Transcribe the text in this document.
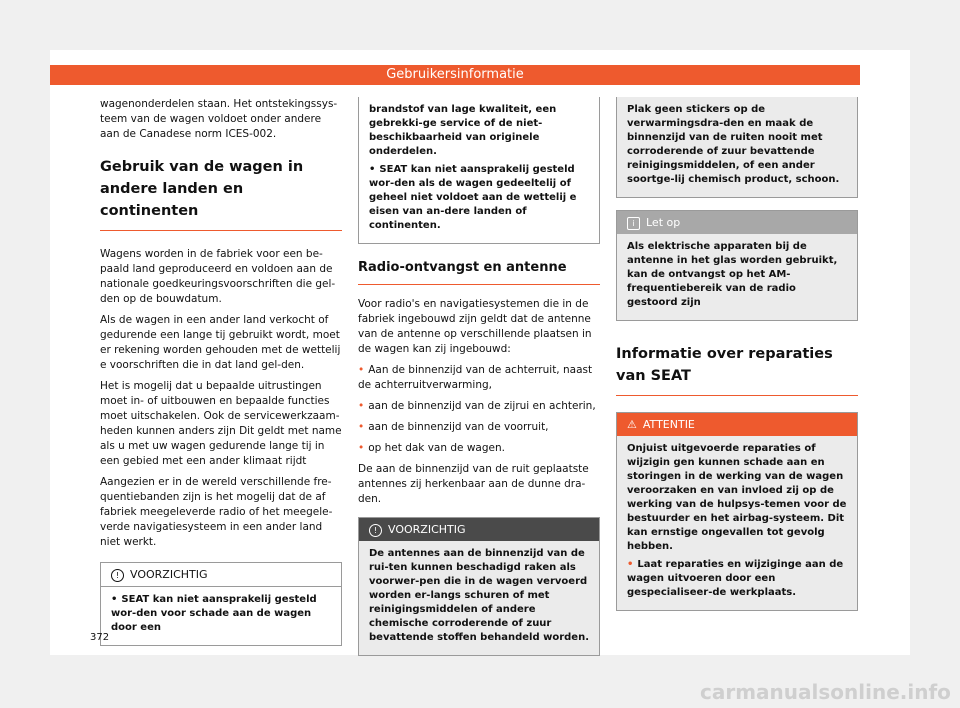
Gebruikersinformatie

wagenonderdelen staan. Het ontstekingssys-teem van de wagen voldoet onder andere aan de Canadese norm ICES-002.

Gebruik van de wagen in andere landen en continenten

Wagens worden in de fabriek voor een be-paald land geproduceerd en voldoen aan de nationale goedkeuringsvoorschriften die gel-den op de bouwdatum.

Als de wagen in een ander land verkocht of gedurende een lange tij gebruikt wordt, moet er rekening worden gehouden met de wettelij e voorschriften die in dat land gel-den.

Het is mogelij dat u bepaalde uitrustingen moet in- of uitbouwen en bepaalde functies moet uitschakelen. Ook de servicewerkzaam-heden kunnen anders zijn Dit geldt met name als u met uw wagen gedurende lange tij in een gebied met een ander klimaat rijdt

Aangezien er in de wereld verschillende fre-quentiebanden zijn is het mogelij dat de af fabriek meegeleverde radio of het meegele-verde navigatiesysteem in een ander land niet werkt.

! VOORZICHTIG

• SEAT kan niet aansprakelij gesteld wor-den voor schade aan de wagen door een

brandstof van lage kwaliteit, een gebrekki-ge service of de niet-beschikbaarheid van originele onderdelen.

• SEAT kan niet aansprakelij gesteld wor-den als de wagen gedeeltelij of geheel niet voldoet aan de wettelij e eisen van an-dere landen of continenten.

Radio-ontvangst en antenne

Voor radio's en navigatiesystemen die in de fabriek ingebouwd zijn geldt dat de antenne van de antenne op verschillende plaatsen in de wagen kan zij ingebouwd:

• Aan de binnenzijd van de achterruit, naast de achterruitverwarming,

• aan de binnenzijd van de zijrui en achterin,

• aan de binnenzijd van de voorruit,

• op het dak van de wagen.

De aan de binnenzijd van de ruit geplaatste antennes zij herkenbaar aan de dunne dra-den.

! VOORZICHTIG

De antennes aan de binnenzijd van de rui-ten kunnen beschadigd raken als voorwer-pen die in de wagen vervoerd worden er-langs schuren of met reinigingsmiddelen of andere chemische corroderende of zuur bevattende stoffen behandeld worden.

Plak geen stickers op de verwarmingsdra-den en maak de binnenzijd van de ruiten nooit met corroderende of zuur bevattende reinigingsmiddelen, of een ander soortge-lij chemisch product, schoon.

i Let op

Als elektrische apparaten bij de antenne in het glas worden gebruikt, kan de ontvangst op het AM-frequentiebereik van de radio gestoord zijn

Informatie over reparaties van SEAT
⚠ ATTENTIE

Onjuist uitgevoerde reparaties of wijzigin gen kunnen schade aan en storingen in de werking van de wagen veroorzaken en van invloed zij op de werking van de hulpsys-temen voor de bestuurder en het airbag-systeem. Dit kan ernstige ongevallen tot gevolg hebben.

• Laat reparaties en wijziginge aan de wagen uitvoeren door een gespecialiseer-de werkplaats.

372
carmanualsonline.info
